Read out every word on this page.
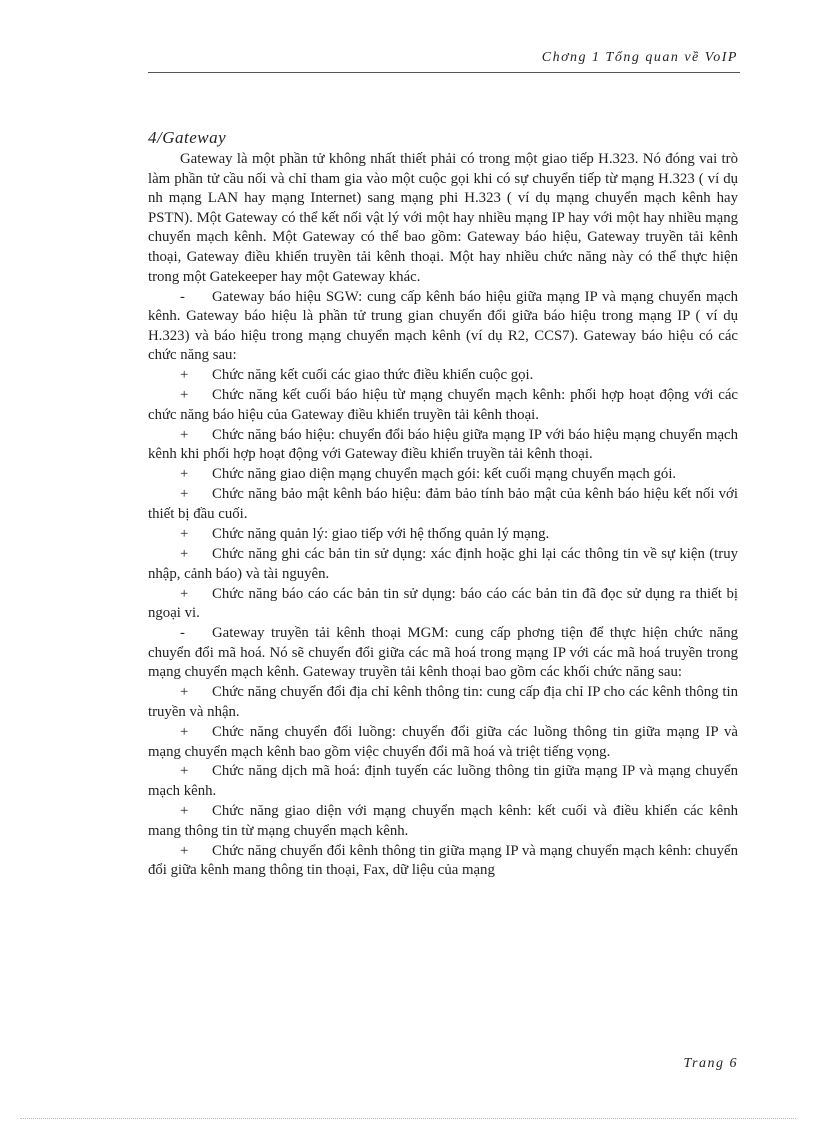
Chơng 1 Tổng quan về VoIP
4/Gateway

Gateway là một phần tử không nhất thiết phải có trong một giao tiếp H.323. Nó đóng vai trò làm phần tử cầu nối và chỉ tham gia vào một cuộc gọi khi có sự chuyển tiếp từ mạng H.323 ( ví dụ nh mạng LAN hay mạng Internet) sang mạng phi H.323 ( ví dụ mạng chuyển mạch kênh hay PSTN). Một Gateway có thể kết nối vật lý với một hay nhiều mạng IP hay với một hay nhiều mạng chuyển mạch kênh. Một Gateway có thể bao gồm: Gateway báo hiệu, Gateway truyền tải kênh thoại, Gateway điều khiển truyền tải kênh thoại. Một hay nhiều chức năng này có thể thực hiện trong một Gatekeeper hay một Gateway khác.

- Gateway báo hiệu SGW: cung cấp kênh báo hiệu giữa mạng IP và mạng chuyển mạch kênh. Gateway báo hiệu là phần tử trung gian chuyển đổi giữa báo hiệu trong mạng IP ( ví dụ H.323) và báo hiệu trong mạng chuyển mạch kênh (ví dụ R2, CCS7). Gateway báo hiệu có các chức năng sau:

+ Chức năng kết cuối các giao thức điều khiển cuộc gọi.

+ Chức năng kết cuối báo hiệu từ mạng chuyển mạch kênh: phối hợp hoạt động với các chức năng báo hiệu của Gateway điều khiển truyền tải kênh thoại.

+ Chức năng báo hiệu: chuyển đổi báo hiệu giữa mạng IP với báo hiệu mạng chuyển mạch kênh khi phối hợp hoạt động với Gateway điều khiển truyền tải kênh thoại.

+ Chức năng giao diện mạng chuyển mạch gói: kết cuối mạng chuyển mạch gói.

+ Chức năng bảo mật kênh báo hiệu: đảm bảo tính bảo mật của kênh báo hiệu kết nối với thiết bị đầu cuối.

+ Chức năng quản lý: giao tiếp với hệ thống quản lý mạng.

+ Chức năng ghi các bản tin sử dụng: xác định hoặc ghi lại các thông tin về sự kiện (truy nhập, cảnh báo) và tài nguyên.

+ Chức năng báo cáo các bản tin sử dụng: báo cáo các bản tin đã đọc sử dụng ra thiết bị ngoại vi.

- Gateway truyền tải kênh thoại MGM: cung cấp phơng tiện để thực hiện chức năng chuyển đổi mã hoá. Nó sẽ chuyển đổi giữa các mã hoá trong mạng IP với các mã hoá truyền trong mạng chuyển mạch kênh. Gateway truyền tải kênh thoại bao gồm các khối chức năng sau:

+ Chức năng chuyển đổi địa chỉ kênh thông tin: cung cấp địa chỉ IP cho các kênh thông tin truyền và nhận.

+ Chức năng chuyển đổi luồng: chuyển đổi giữa các luồng thông tin giữa mạng IP và mạng chuyển mạch kênh bao gồm việc chuyển đổi mã hoá và triệt tiếng vọng.

+ Chức năng dịch mã hoá: định tuyến các luồng thông tin giữa mạng IP và mạng chuyển mạch kênh.

+ Chức năng giao diện với mạng chuyển mạch kênh: kết cuối và điều khiển các kênh mang thông tin từ mạng chuyển mạch kênh.

+ Chức năng chuyển đổi kênh thông tin giữa mạng IP và mạng chuyển mạch kênh: chuyển đổi giữa kênh mang thông tin thoại, Fax, dữ liệu của mạng

Trang 6
